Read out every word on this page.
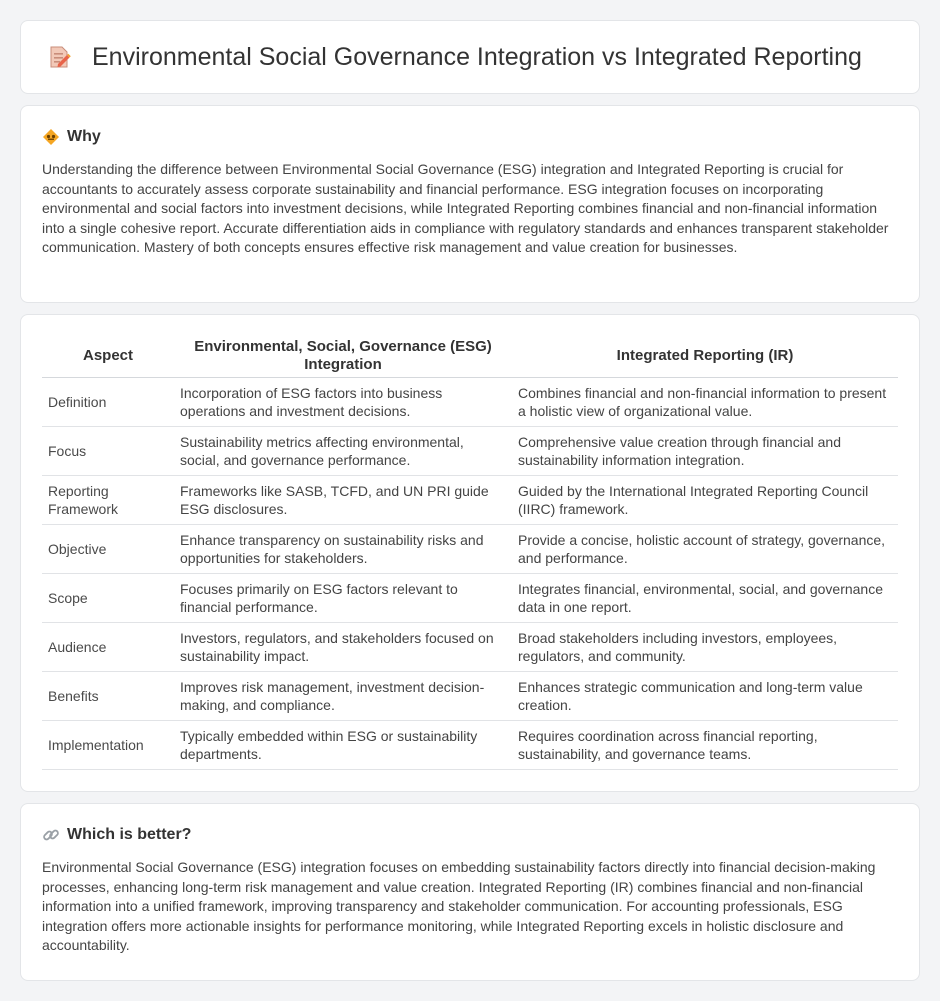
Environmental Social Governance Integration vs Integrated Reporting
Why

Understanding the difference between Environmental Social Governance (ESG) integration and Integrated Reporting is crucial for accountants to accurately assess corporate sustainability and financial performance. ESG integration focuses on incorporating environmental and social factors into investment decisions, while Integrated Reporting combines financial and non-financial information into a single cohesive report. Accurate differentiation aids in compliance with regulatory standards and enhances transparent stakeholder communication. Mastery of both concepts ensures effective risk management and value creation for businesses.

Aspect	Environmental, Social, Governance (ESG) Integration	Integrated Reporting (IR)
Definition	Incorporation of ESG factors into business operations and investment decisions.	Combines financial and non-financial information to present a holistic view of organizational value.
Focus	Sustainability metrics affecting environmental, social, and governance performance.	Comprehensive value creation through financial and sustainability information integration.
Reporting Framework	Frameworks like SASB, TCFD, and UN PRI guide ESG disclosures.	Guided by the International Integrated Reporting Council (IIRC) framework.
Objective	Enhance transparency on sustainability risks and opportunities for stakeholders.	Provide a concise, holistic account of strategy, governance, and performance.
Scope	Focuses primarily on ESG factors relevant to financial performance.	Integrates financial, environmental, social, and governance data in one report.
Audience	Investors, regulators, and stakeholders focused on sustainability impact.	Broad stakeholders including investors, employees, regulators, and community.
Benefits	Improves risk management, investment decision-making, and compliance.	Enhances strategic communication and long-term value creation.
Implementation	Typically embedded within ESG or sustainability departments.	Requires coordination across financial reporting, sustainability, and governance teams.
Which is better?

Environmental Social Governance (ESG) integration focuses on embedding sustainability factors directly into financial decision-making processes, enhancing long-term risk management and value creation. Integrated Reporting (IR) combines financial and non-financial information into a unified framework, improving transparency and stakeholder communication. For accounting professionals, ESG integration offers more actionable insights for performance monitoring, while Integrated Reporting excels in holistic disclosure and accountability.
